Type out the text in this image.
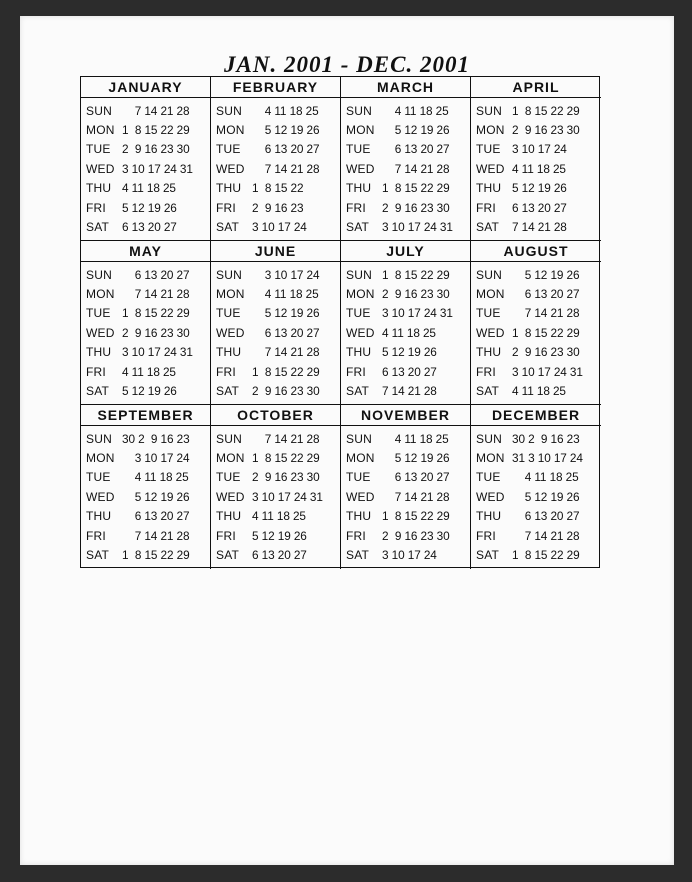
JAN. 2001 - DEC. 2001
JANUARY
SUN 7 14 21 28
MON 1  8 15 22 29
TUE 2  9 16 23 30
WED 3 10 17 24 31
THU 4 11 18 25
FRI	5 12 19 26
SAT	6 13 20 27
FEBRUARY
SUN 4 11 18 25
MON 5 12 19 26
TUE 6 13 20 27
WED 7 14 21 28
THU 1  8 15 22
FRI	2  9 16 23
SAT	3 10 17 24
MARCH
SUN 4 11 18 25
MON 5 12 19 26
TUE 6 13 20 27
WED 7 14 21 28
THU 1  8 15 22 29
FRI	2  9 16 23 30
SAT	3 10 17 24 31
APRIL
SUN 1  8 15 22 29
MON 2  9 16 23 30
TUE 3 10 17 24
WED 4 11 18 25
THU 5 12 19 26
FRI	6 13 20 27
SAT	7 14 21 28
MAY
SUN 6 13 20 27
MON 7 14 21 28
TUE 1  8 15 22 29
WED 2  9 16 23 30
THU 3 10 17 24 31
FRI	4 11 18 25
SAT	5 12 19 26
JUNE
SUN 3 10 17 24
MON 4 11 18 25
TUE 5 12 19 26
WED 6 13 20 27
THU 7 14 21 28
FRI	1  8 15 22 29
SAT	2  9 16 23 30
JULY
SUN 1  8 15 22 29
MON 2  9 16 23 30
TUE 3 10 17 24 31
WED 4 11 18 25
THU 5 12 19 26
FRI	6 13 20 27
SAT	7 14 21 28
AUGUST
SUN 5 12 19 26
MON 6 13 20 27
TUE 7 14 21 28
WED 1  8 15 22 29
THU 2  9 16 23 30
FRI	3 10 17 24 31
SAT	4 11 18 25
SEPTEMBER
SUN 30 2  9 16 23
MON 3 10 17 24
TUE 4 11 18 25
WED 5 12 19 26
THU 6 13 20 27
FRI	7 14 21 28
SAT	1  8 15 22 29
OCTOBER
SUN 7 14 21 28
MON 1  8 15 22 29
TUE 2  9 16 23 30
WED 3 10 17 24 31
THU 4 11 18 25
FRI	5 12 19 26
SAT	6 13 20 27
NOVEMBER
SUN 4 11 18 25
MON 5 12 19 26
TUE 6 13 20 27
WED 7 14 21 28
THU 1  8 15 22 29
FRI	2  9 16 23 30
SAT	3 10 17 24
DECEMBER
SUN 30 2  9 16 23
MON 31 3 10 17 24
TUE 4 11 18 25
WED 5 12 19 26
THU 6 13 20 27
FRI	7 14 21 28
SAT	1  8 15 22 29
